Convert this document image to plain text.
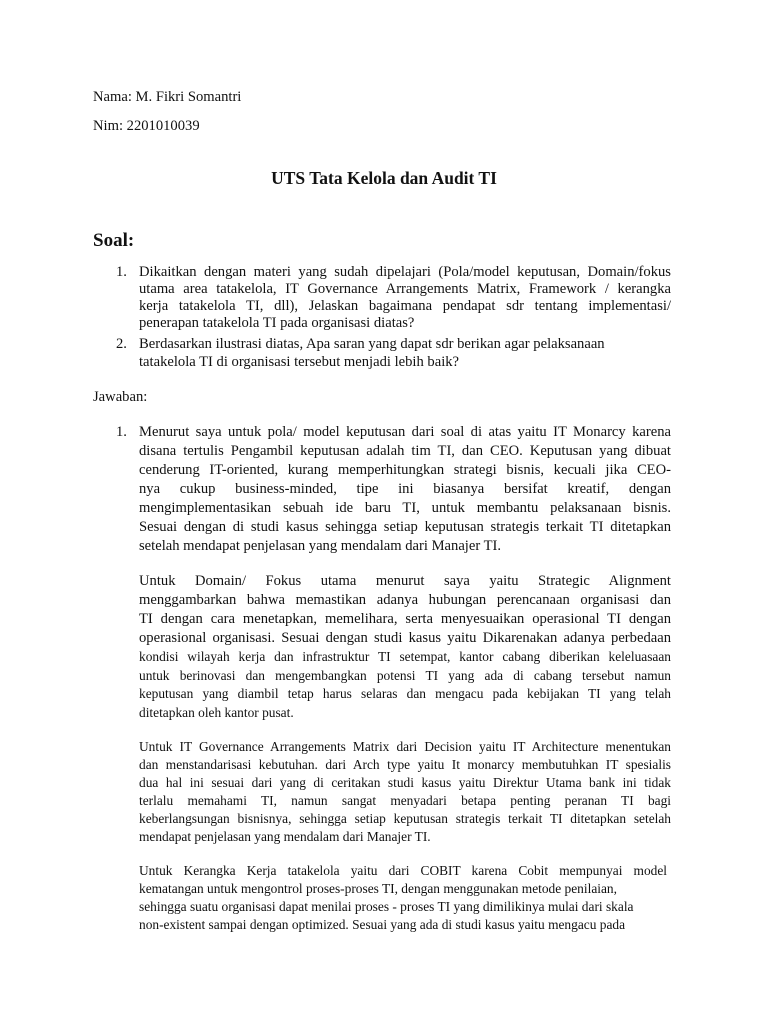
Nama: M. Fikri Somantri
Nim: 2201010039
UTS Tata Kelola dan Audit TI
Soal:
1. Dikaitkan dengan materi yang sudah dipelajari (Pola/model keputusan, Domain/fokus
utama area tatakelola, IT Governance Arrangements Matrix, Framework / kerangka
kerja tatakelola TI, dll), Jelaskan bagaimana pendapat sdr tentang implementasi/
penerapan tatakelola TI pada organisasi diatas?
2. Berdasarkan ilustrasi diatas, Apa saran yang dapat sdr berikan agar pelaksanaan
tatakelola TI di organisasi tersebut menjadi lebih baik?
Jawaban:
1. Menurut saya untuk pola/ model keputusan dari soal di atas yaitu IT Monarcy karena
disana tertulis Pengambil keputusan adalah tim TI, dan CEO. Keputusan yang dibuat
cenderung IT-oriented, kurang memperhitungkan strategi bisnis, kecuali jika CEO-
nya cukup business-minded, tipe ini biasanya bersifat kreatif, dengan
mengimplementasikan sebuah ide baru TI, untuk membantu pelaksanaan bisnis.
Sesuai dengan di studi kasus sehingga setiap keputusan strategis terkait TI ditetapkan
setelah mendapat penjelasan yang mendalam dari Manajer TI.
Untuk Domain/ Fokus utama menurut saya yaitu Strategic Alignment
menggambarkan bahwa memastikan adanya hubungan perencanaan organisasi dan
TI dengan cara menetapkan, memelihara, serta menyesuaikan operasional TI dengan
operasional organisasi. Sesuai dengan studi kasus yaitu Dikarenakan adanya perbedaan
kondisi wilayah kerja dan infrastruktur TI setempat, kantor cabang diberikan keleluasaan
untuk berinovasi dan mengembangkan potensi TI yang ada di cabang tersebut namun
keputusan yang diambil tetap harus selaras dan mengacu pada kebijakan TI yang telah
ditetapkan oleh kantor pusat.
Untuk IT Governance Arrangements Matrix dari Decision yaitu IT Architecture menentukan
dan menstandarisasi kebutuhan. dari Arch type yaitu It monarcy membutuhkan IT spesialis
dua hal ini sesuai dari yang di ceritakan studi kasus yaitu Direktur Utama bank ini tidak
terlalu memahami TI, namun sangat menyadari betapa penting peranan TI bagi
keberlangsungan bisnisnya, sehingga setiap keputusan strategis terkait TI ditetapkan setelah
mendapat penjelasan yang mendalam dari Manajer TI.
Untuk Kerangka Kerja tatakelola yaitu dari COBIT karena Cobit mempunyai model
kematangan untuk mengontrol proses-proses TI, dengan menggunakan metode penilaian,
sehingga suatu organisasi dapat menilai proses - proses TI yang dimilikinya mulai dari skala
non-existent sampai dengan optimized. Sesuai yang ada di studi kasus yaitu mengacu pada
